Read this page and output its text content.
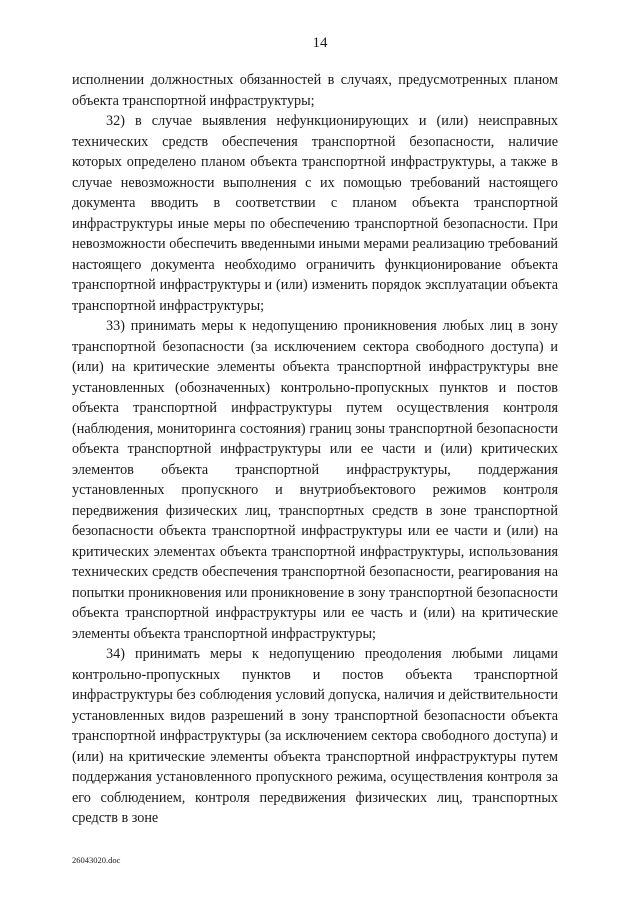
14

исполнении должностных обязанностей в случаях, предусмотренных планом объекта транспортной инфраструктуры;

32) в случае выявления нефункционирующих и (или) неисправных технических средств обеспечения транспортной безопасности, наличие которых определено планом объекта транспортной инфраструктуры, а также в случае невозможности выполнения с их помощью требований настоящего документа вводить в соответствии с планом объекта транспортной инфраструктуры иные меры по обеспечению транспортной безопасности. При невозможности обеспечить введенными иными мерами реализацию требований настоящего документа необходимо ограничить функционирование объекта транспортной инфраструктуры и (или) изменить порядок эксплуатации объекта транспортной инфраструктуры;

33) принимать меры к недопущению проникновения любых лиц в зону транспортной безопасности (за исключением сектора свободного доступа) и (или) на критические элементы объекта транспортной инфраструктуры вне установленных (обозначенных) контрольно-пропускных пунктов и постов объекта транспортной инфраструктуры путем осуществления контроля (наблюдения, мониторинга состояния) границ зоны транспортной безопасности объекта транспортной инфраструктуры или ее части и (или) критических элементов объекта транспортной инфраструктуры, поддержания установленных пропускного и внутриобъектового режимов контроля передвижения физических лиц, транспортных средств в зоне транспортной безопасности объекта транспортной инфраструктуры или ее части и (или) на критических элементах объекта транспортной инфраструктуры, использования технических средств обеспечения транспортной безопасности, реагирования на попытки проникновения или проникновение в зону транспортной безопасности объекта транспортной инфраструктуры или ее часть и (или) на критические элементы объекта транспортной инфраструктуры;

34) принимать меры к недопущению преодоления любыми лицами контрольно-пропускных пунктов и постов объекта транспортной инфраструктуры без соблюдения условий допуска, наличия и действительности установленных видов разрешений в зону транспортной безопасности объекта транспортной инфраструктуры (за исключением сектора свободного доступа) и (или) на критические элементы объекта транспортной инфраструктуры путем поддержания установленного пропускного режима, осуществления контроля за его соблюдением, контроля передвижения физических лиц, транспортных средств в зоне

26043020.doc
